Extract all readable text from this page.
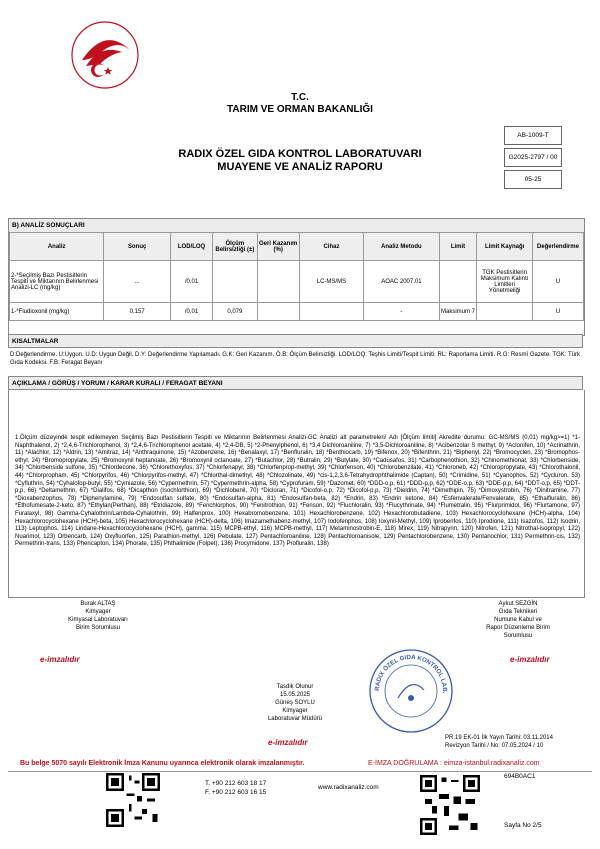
T.C.
TARIM VE ORMAN BAKANLIĞI
RADIX ÖZEL GIDA KONTROL LABORATUVARI
MUAYENE VE ANALİZ RAPORU
AB-1009-T
G2025-2797 / 00
05-25
B) ANALİZ SONUÇLARI
Analiz	Sonuç	LOD/LOQ	Ölçüm Belirsizliği (±)	Geri Kazanım (%)	Cihaz	Analiz Metodu	Limit	Limit Kaynağı	Değerlendirme
2-*Seçilmiş Bazı Pestisitlerin Tespiti ve Miktarının Belirlenmesi Analizi-LC (mg/kg)	...	/0,01			LC-MS/MS	AOAC 2007.01		TGK Pestisitlerin Maksimum Kalıntı Limitleri Yönetmeliği	U
1-*Fludioxonil (mg/kg)	0,157	/0,01	0,079			-	Maksimum 7		U
KISALTMALAR
D:Değerlendirme. U:Uygun. U.D: Uygun Değil. D.Y: Değerlendirme Yapılamadı. G.K: Geri Kazanım. Ö.B: Ölçüm Belirsizliği. LOD/LOQ: Teşhis Limiti/Tespit Limiti. RL: Raporlama Limiti. R.G: Resmî Gazete. TGK: Türk Gıda Kodeksi. F.B: Feragat Beyanı
AÇIKLAMA / GÖRÜŞ / YORUM / KARAR KURALI / FERAGAT BEYANI
1.Ölçüm düzeyinde tespit edilemeyen Seçilmiş Bazı Pestisitlerin Tespiti ve Miktarının Belirlenmesi Analizi-GC Analizi alt parametreleri/ Adı [Ölçüm limiti] Akredite durumu: GC-MS/MS (0,01) mg/kg>=1) *1-Naphthalenol, 2) *2,4,6-Trichlorophenol, 3) *2,4,6-Trichlorophenol acetate, 4) *2,4-DB, 5) *2-Phenylphenol, 6) *3,4 Dichloroaniline, 7) *3,5-Dichloroaniline, 8) *Acibenzolar S methyl, 9) *Aclonifen, 10) *Acrinathrin, 11) *Alachlor, 12) *Aldrin, 13) *Amitraz, 14) *Anthraquinone, 15) *Azobenzene, 16) *Benalaxyl, 17) *Benfluralin, 18) *Benthiocarb, 19) *Bifenox, 20) *Bifenthrin, 21) *Biphenyl, 22) *Bromocyclen, 23) *Bromophos-ethyl, 24) *Bromopropylate, 25) *Bromoxynil heptanoate, 26) *Bromoxynil octanoate, 27) *Butachlor, 28) *Butralin, 29) *Butylate, 30) *Cadusafos, 31) *Carbophenothion, 32) *Chinomethionat, 33) *Chlorbenside, 34) *Chlorbenside sulfone, 35) *Chlordecone, 36) *Chlorethoxyfos, 37) *Chlorfenapyr, 38) *Chlorfenprop-methyl, 39) *Chlorfenson, 40) *Chlorobenzilate, 41) *Chloroneb, 42) *Chloropropylate, 43) *Chlorothalonil, 44) *Chlorpropham, 45) *Chlorpyrifos, 46) *Chlorpyrifos-methyl, 47) *Chlorthal-dimethyl, 48) *Chlozolinate, 49) *cis-1,2,3,6-Tetrahydrophthalimide (Captan), 50) *Crimidine, 51) *Cyanophos, 52) *Cycluron, 53) *Cyfluthrin, 54) *Cyhalofop-butyl, 55) *Cymiazole, 56) *Cypermethrin, 57) *Cypermethrin-alpha, 58) *Cyprofuram, 59) *Dazomet, 60) *DDD-o,p, 61) *DDD-p,p, 62) *DDE-o,p, 63) *DDE-p,p, 64) *DDT-o,p, 65) *DDT-p,p, 66) *Deltamethrin, 67) *Dialifos, 68) *Dicapthon (Isochlorthion), 69) *Dichlobenil, 70) *Dicloran, 71) *Dicofol-o,p, 72) *Dicofol-p,p, 73) *Dieldrin, 74) *Dimethipin, 75) *Dimoxystrobin, 76) *Dinitramine, 77) *Dioxabenzophos, 78) *Diphenylamine, 79) *Endosulfan sulfate, 80) *Endosulfan-alpha, 81) *Endosulfan-beta, 82) *Endrin, 83) *Endrin ketone, 84) *Esfenvalerate/Fenvalerate, 85) *Ethalfluralin, 86) *Ethofumesate-2-keto, 87) *Ethylan(Perthan), 88) *Etridiazole, 89) *Fenchlorphos, 90) *Fenitrothion, 91) *Fenson, 92) *Fluchloralin, 93) *Flucythrinate, 94) *Flumetralin, 95) *Flurprimidol, 96) *Flurtamone, 97) Furalaxyl, 98) Gamma-Cyhalothrin/Lambda-Cyhalothrin, 99) Halfenprox, 100) Hexabromobenzene, 101) Hexachlorobenzene, 102) Hexachlorobutadiene, 103) Hexachlorocyclohexane (HCH)-alpha, 104) Hexachlorocyclohexane (HCH)-beta, 105) Hexachlorocyclohexane (HCH)-delta, 106) Imazamethabenz-methyl, 107) Iodofenphos, 108) Ioxynil-Methyl, 109) Iprobenfos, 110) Iprodione, 111) Isazofos, 112) Isodrin, 113) Leptophos, 114) Lindane-Hexachlorocyclohexane (HCH), gamma, 115) MCPB-ethyl, 116) MCPB-methyl, 117) Metaminostrobin-E, 118) Mirex, 119) Nitrapyrin, 120) Nitrofen, 121) Nitrothal-isopropyl, 122) Nuarimol, 123) Orbencarb, 124) Oxyfluorfen, 125) Parathion-methyl, 126) Pebulate, 127) Pentachloroaniline, 128) Pentachloroanisole, 129) Pentachlorobenzene, 130) Pentanochlor, 131) Permethrin-cis, 132) Permethrin-trans, 133) Phencapton, 134) Phorate, 135) Phthalimide (Folpet), 136) Procymidone, 137) Profluralin, 138)
Burak ALTAŞ
Kimyager
Kimyasal Laboratuvarı
Birim Sorumlusu
e-imzalıdır
Aykut SEZGİN
Gıda Teknikeri
Numune Kabul ve
Rapor Düzenleme Birim
Sorumlusu
e-imzalıdır
Tasdik Olunur
15.05.2025
Güneş SOYLU
Kimyager
Laboratuvar Müdürü
e-imzalıdır
RADIX ÖZEL GIDA KONTROL LAB.
PR.19 EK-01 İlk Yayın Tarihi: 03.11.2014
Revizyon Tarihi / No: 07.05.2024 / 10
Bu belge 5070 sayılı Elektronik İmza Kanunu uyarınca elektronik olarak imzalanmıştır.	E-İMZA DOĞRULAMA : eimza-istanbul.radixanaliz.com
T. +90 212 603 18 17
F. +90 212 603 16 15
www.radixanaliz.com
694B0AC1
Sayfa No 2/5
